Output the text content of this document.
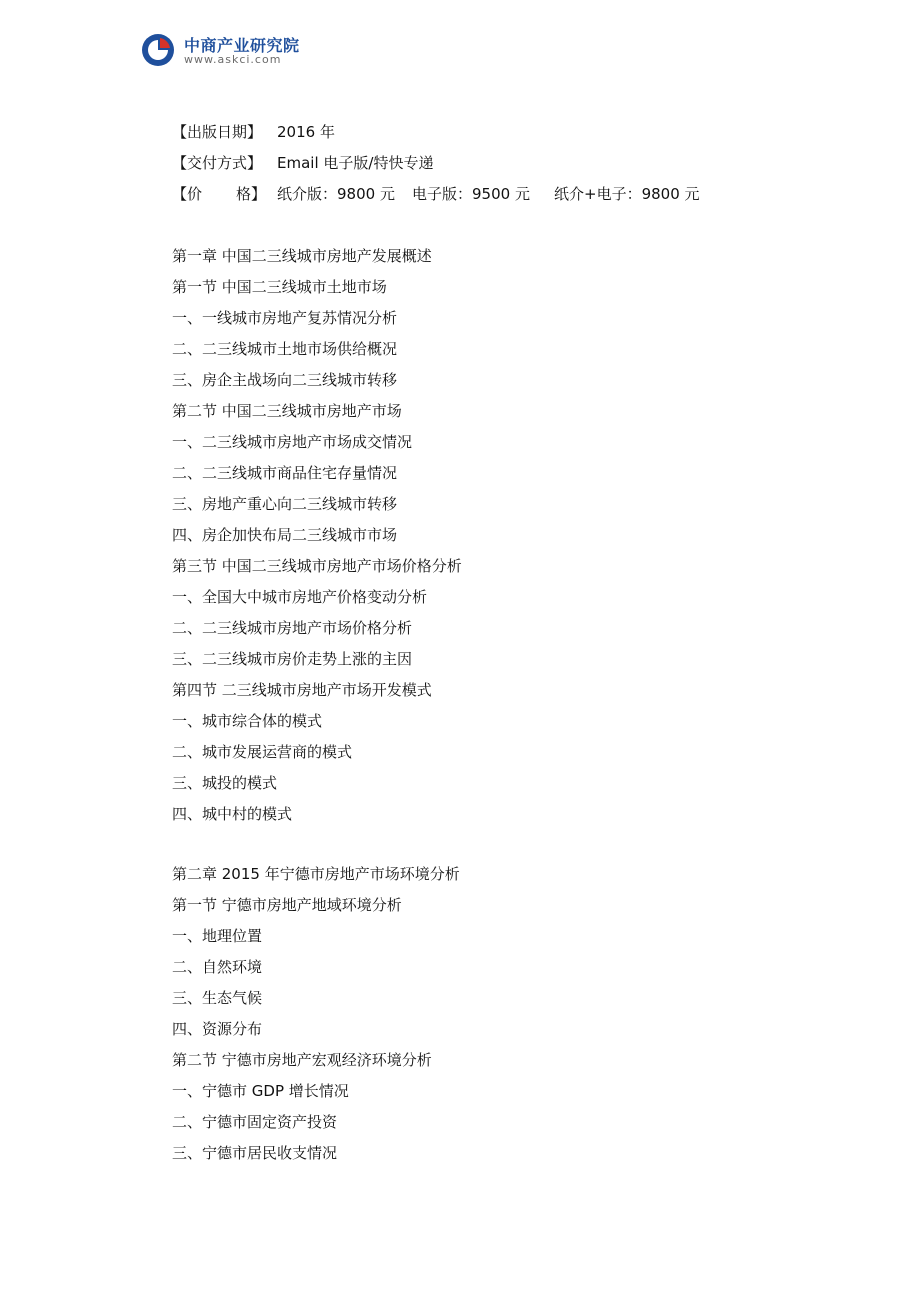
中商产业研究院
www.askci.com
【出版日期】 2016 年
【交付方式】 Email 电子版/特快专递
【价 格】 纸介版：9800 元 电子版：9500 元 纸介+电子：9800 元
第一章 中国二三线城市房地产发展概述
第一节 中国二三线城市土地市场
一、一线城市房地产复苏情况分析
二、二三线城市土地市场供给概况
三、房企主战场向二三线城市转移
第二节 中国二三线城市房地产市场
一、二三线城市房地产市场成交情况
二、二三线城市商品住宅存量情况
三、房地产重心向二三线城市转移
四、房企加快布局二三线城市市场
第三节 中国二三线城市房地产市场价格分析
一、全国大中城市房地产价格变动分析
二、二三线城市房地产市场价格分析
三、二三线城市房价走势上涨的主因
第四节 二三线城市房地产市场开发模式
一、城市综合体的模式
二、城市发展运营商的模式
三、城投的模式
四、城中村的模式
第二章 2015 年宁德市房地产市场环境分析
第一节 宁德市房地产地域环境分析
一、地理位置
二、自然环境
三、生态气候
四、资源分布
第二节 宁德市房地产宏观经济环境分析
一、宁德市 GDP 增长情况
二、宁德市固定资产投资
三、宁德市居民收支情况
